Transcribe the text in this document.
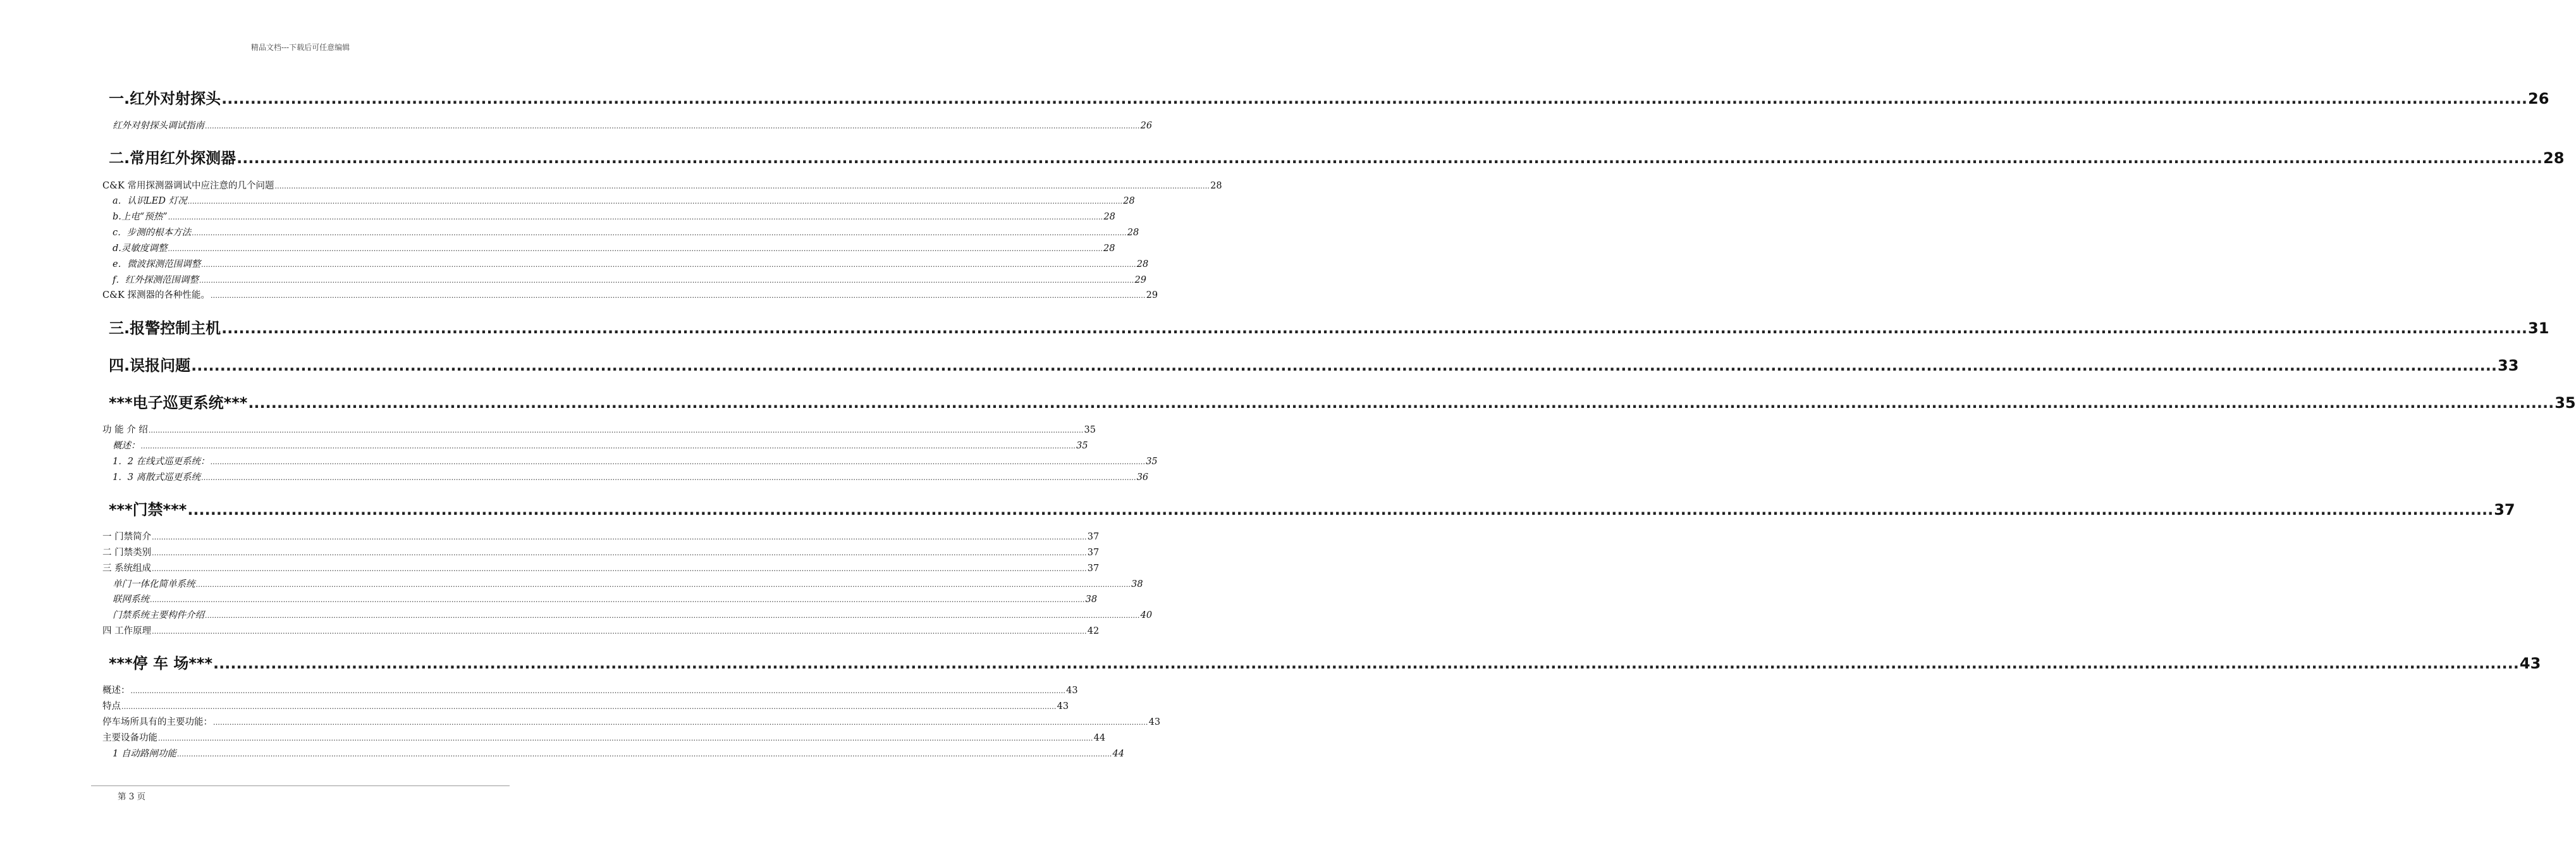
精品文档---下载后可任意编辑
一. 红外对射探头 ................................................................................................................................................................................................................................................................................................................................................................................................................ 26
红外对射探头调试指南 ................................................................................................................................................................................................................................................................................................................................................................................................................ 26
二.常用红外探测器 ................................................................................................................................................................................................................................................................................................................................................................................................................ 28
C&K 常用探测器调试中应注意的几个问题 ................................................................................................................................................................................................................................................................................................................................................................................................................ 28
a．认识LED 灯况 ................................................................................................................................................................................................................................................................................................................................................................................................................ 28
b.上电“预热” ................................................................................................................................................................................................................................................................................................................................................................................................................ 28
c．步测的根本方法 ................................................................................................................................................................................................................................................................................................................................................................................................................ 28
d.灵敏度调整 ................................................................................................................................................................................................................................................................................................................................................................................................................ 28
e．微波探测范围调整 ................................................................................................................................................................................................................................................................................................................................................................................................................ 28
f．红外探测范围调整 ................................................................................................................................................................................................................................................................................................................................................................................................................ 29
C&K 探测器的各种性能。 ................................................................................................................................................................................................................................................................................................................................................................................................................ 29
三.报警控制主机 ................................................................................................................................................................................................................................................................................................................................................................................................................ 31
四.误报问题 ................................................................................................................................................................................................................................................................................................................................................................................................................ 33
***电子巡更系统*** ................................................................................................................................................................................................................................................................................................................................................................................................................ 35
功 能 介 绍 ................................................................................................................................................................................................................................................................................................................................................................................................................ 35
概述： ................................................................................................................................................................................................................................................................................................................................................................................................................ 35
1．2 在线式巡更系统： ................................................................................................................................................................................................................................................................................................................................................................................................................ 35
1．3 离散式巡更系统 ................................................................................................................................................................................................................................................................................................................................................................................................................ 36
***门禁*** ................................................................................................................................................................................................................................................................................................................................................................................................................ 37
一 门禁简介 ................................................................................................................................................................................................................................................................................................................................................................................................................ 37
二 门禁类别 ................................................................................................................................................................................................................................................................................................................................................................................................................ 37
三 系统组成 ................................................................................................................................................................................................................................................................................................................................................................................................................ 37
单门一体化简单系统 ................................................................................................................................................................................................................................................................................................................................................................................................................ 38
联网系统 ................................................................................................................................................................................................................................................................................................................................................................................................................ 38
门禁系统主要构件介绍 ................................................................................................................................................................................................................................................................................................................................................................................................................ 40
四 工作原理 ................................................................................................................................................................................................................................................................................................................................................................................................................ 42
***停 车 场*** ................................................................................................................................................................................................................................................................................................................................................................................................................ 43
概述： ................................................................................................................................................................................................................................................................................................................................................................................................................ 43
特点 ................................................................................................................................................................................................................................................................................................................................................................................................................ 43
停车场所具有的主要功能： ................................................................................................................................................................................................................................................................................................................................................................................................................ 43
主要设备功能 ................................................................................................................................................................................................................................................................................................................................................................................................................ 44
1 自动路闸功能 ................................................................................................................................................................................................................................................................................................................................................................................................................ 44
第 3 页
